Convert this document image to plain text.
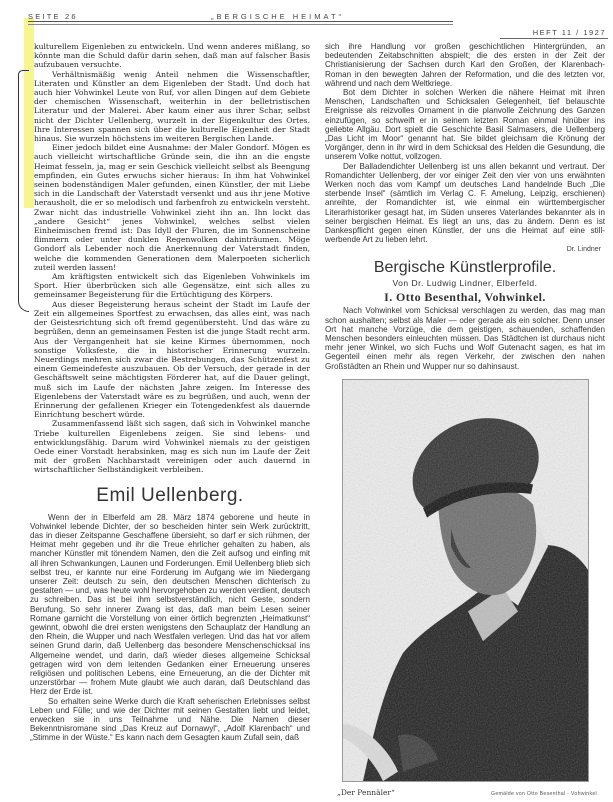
SEITE 26	„BERGISCHE HEIMAT“
HEFT 11 / 1927

kulturellem Eigenleben zu entwickeln. Und wenn anderes mißlang, so könnte man die Schuld dafür darin sehen, daß man auf falscher Basis aufzubauen versuchte.

Verhältnismäßig wenig Anteil nehmen die Wissenschaftler, Literaten und Künstler an dem Eigenleben der Stadt. Und doch hat auch hier Vohwinkel Leute von Ruf, vor allen Dingen auf dem Gebiete der chemischen Wissenschaft, weiterhin in der belletristischen Literatur und der Malerei. Aber kaum einer aus ihrer Schar, selbst nicht der Dichter Uellenberg, wurzelt in der Eigenkultur des Ortes. Ihre Interessen spannen sich über die kulturelle Eigenheit der Stadt hinaus. Sie wurzeln höchstens im weiteren Bergischen Lande.

Einer jedoch bildet eine Ausnahme: der Maler Gondorf. Mögen es auch vielleicht wirtschaftliche Gründe sein, die ihn an die engste Heimat fesseln, ja, mag er sein Geschick vielleicht selbst als Beengung empfinden, ein Gutes erwuchs sicher hieraus: In ihm hat Vohwinkel seinen bodenständigen Maler gefunden, einen Künstler, der mit Liebe sich in die Landschaft der Vaterstadt versenkt und aus ihr jene Motive herausholt, die er so melodisch und farbenfroh zu entwickeln versteht. Zwar nicht das industrielle Vohwinkel zieht ihn an. Ihn lockt das „andere Gesicht“ jenes Vohwinkel, welches selbst vielen Einheimischen fremd ist: Das Idyll der Fluren, die im Sonnenscheine flimmern oder unter dunklen Regenwolken dahinträumen. Möge Gondorf als Lebender noch die Anerkennung der Vaterstadt finden, welche die kommenden Generationen dem Malerpoeten sicherlich zuteil werden lassen!

Am kräftigsten entwickelt sich das Eigenleben Vohwinkels im Sport. Hier überbrücken sich alle Gegensätze, eint sich alles zu gemeinsamer Begeisterung für die Ertüchtigung des Körpers.

Aus dieser Begeisterung heraus scheint der Stadt im Laufe der Zeit ein allgemeines Sportfest zu erwachsen, das alles eint, was nach der Geistesrichtung sich oft fremd gegenübersteht. Und das wäre zu begrüßen, denn an gemeinsamen Festen ist die junge Stadt recht arm. Aus der Vergangenheit hat sie keine Kirmes übernommen, noch sonstige Volksfeste, die in historischer Erinnerung wurzeln. Neuerdings mehren sich zwar die Bestrebungen, das Schützenfest zu einem Gemeindefeste auszubauen. Ob der Versuch, der gerade in der Geschäftswelt seine mächtigsten Förderer hat, auf die Dauer gelingt, muß sich im Laufe der nächsten Jahre zeigen. Im Interesse des Eigenlebens der Vaterstadt wäre es zu begrüßen, und auch, wenn der Erinnerung der gefallenen Krieger ein Totengedenkfest als dauernde Einrichtung beschert würde.

Zusammenfassend läßt sich sagen, daß sich in Vohwinkel manche Triebe kulturellen Eigenlebens zeigen. Sie sind lebens- und entwicklungsfähig. Darum wird Vohwinkel niemals zu der geistigen Oede einer Vorstadt herabsinken, mag es sich nun im Laufe der Zeit mit der großen Nachbarstadt vereinigen oder auch dauernd in wirtschaftlicher Selbständigkeit verbleiben.

Emil Uellenberg.

Wenn der in Elberfeld am 28. März 1874 geborene und heute in Vohwinkel lebende Dichter, der so bescheiden hinter sein Werk zurücktritt, das in dieser Zeitspanne Geschaffene übersieht, so darf er sich rühmen, der Heimat mehr gegeben und ihr die Treue ehrlicher gehalten zu haben, als mancher Künstler mit tönendem Namen, den die Zeit aufsog und einfing mit all ihren Schwankungen, Launen und Forderungen. Emil Uellenberg blieb sich selbst treu, er kannte nur eine Forderung im Aufgang wie im Niedergang unserer Zeit: deutsch zu sein, den deutschen Menschen dichterisch zu gestalten — und, was heute wohl hervorgehoben zu werden verdient, deutsch zu schreiben. Das ist bei ihm selbstverständlich, nicht Geste, sondern Berufung. So sehr innerer Zwang ist das, daß man beim Lesen seiner Romane garnicht die Vorstellung von einer örtlich begrenzten „Heimatkunst“ gewinnt, obwohl die drei ersten wenigstens den Schauplatz der Handlung an den Rhein, die Wupper und nach Westfalen verlegen. Und das hat vor allem seinen Grund darin, daß Uellenberg das besondere Menschenschicksal ins Allgemeine wendet, und darin, daß wieder dieses allgemeine Schicksal getragen wird von dem leitenden Gedanken einer Erneuerung unseres religiösen und politischen Lebens, eine Erneuerung, an die der Dichter mit unzerstörbar — frohem Mute glaubt wie auch daran, daß Deutschland das Herz der Erde ist.

So erhalten seine Werke durch die Kraft seherischen Erlebnisses selbst Leben und Fülle; und wie der Dichter mit seinen Gestalten liebt und leidet, erwecken sie in uns Teilnahme und Nähe. Die Namen dieser Bekenntnisromane sind „Das Kreuz auf Dornawyl“, „Adolf Klarenbach“ und „Stimme in der Wüste.“ Es kann nach dem Gesagten kaum Zufall sein, daß

sich ihre Handlung vor großen geschichtlichen Hintergründen, an bedeutenden Zeitabschnitten abspielt; die des ersten in der Zeit der Christianisierung der Sachsen durch Karl den Großen, der Klarenbach-Roman in den bewegten Jahren der Reformation, und die des letzten vor, während und nach dem Weltkriege.

Bot dem Dichter in solchen Werken die nähere Heimat mit ihren Menschen, Landschaften und Schicksalen Gelegenheit, tief belauschte Ereignisse als reizvolles Ornament in die planvolle Zeichnung des Ganzen einzufügen, so schweift er in seinem letzten Roman einmal hinüber ins geliebte Allgäu. Dort spielt die Geschichte Basil Salmasers, die Uellenberg „Das Licht im Moor“ genannt hat. Sie bildet gleichsam die Krönung der Vorgänger, denn in ihr wird in dem Schicksal des Helden die Gesundung, die unserem Volke nottut, vollzogen.

Der Balladendichter Uellenberg ist uns allen bekannt und vertraut. Der Romandichter Uellenberg, der vor einiger Zeit den vier von uns erwähnten Werken noch das vom Kampf um deutsches Land handelnde Buch „Die sterbende Insel“ (sämtlich im Verlag C. F. Amelung, Leipzig, erschienen) anreihte, der Romandichter ist, wie einmal ein württembergischer Literarhistoriker gesagt hat, im Süden unseres Vaterlandes bekannter als in seiner bergischen Heimat. Es liegt an uns, das zu ändern. Denn es ist Dankespflicht gegen einen Künstler, der uns die Heimat auf eine still-werbende Art zu lieben lehrt.

Dr. Lindner
Bergische Künstlerprofile.
Von Dr. Ludwig Lindner, Elberfeld.
I. Otto Besenthal, Vohwinkel.

Nach Vohwinkel vom Schicksal verschlagen zu werden, das mag man schon aushalten; selbst als Maler — oder gerade als ein solcher. Denn unser Ort hat manche Vorzüge, die dem geistigen, schauenden, schaffenden Menschen besonders einleuchten müssen. Das Städtchen ist durchaus nicht mehr jener Winkel, wo sich Fuchs und Wolf Gutenacht sagen, es hat im Gegenteil einen mehr als regen Verkehr, der zwischen den nahen Großstädten an Rhein und Wupper nur so dahinsaust.

„Der Pennäler“	Gemälde von Otto Besenthal - Vohwinkel
